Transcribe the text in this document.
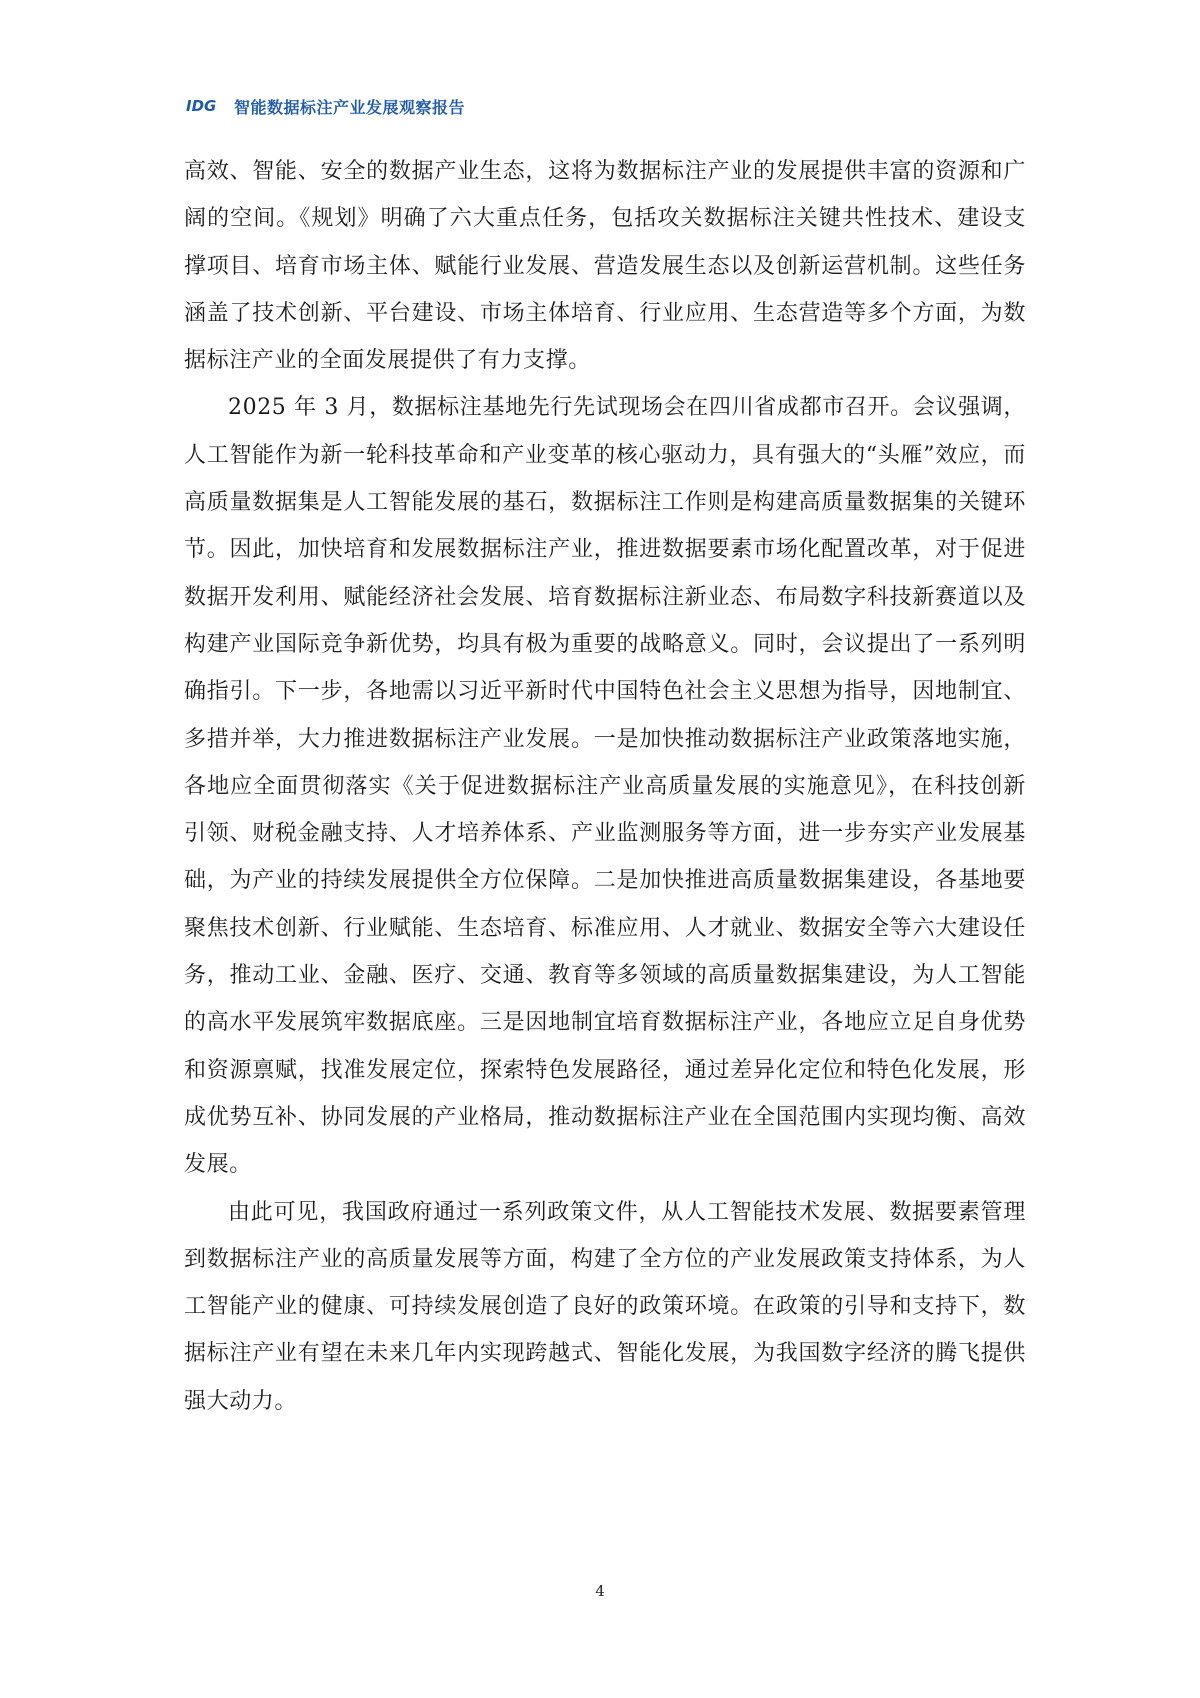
IDG 智能数据标注产业发展观察报告

高效、智能、安全的数据产业生态，这将为数据标注产业的发展提供丰富的资源和广阔的空间。《规划》明确了六大重点任务，包括攻关数据标注关键共性技术、建设支撑项目、培育市场主体、赋能行业发展、营造发展生态以及创新运营机制。这些任务涵盖了技术创新、平台建设、市场主体培育、行业应用、生态营造等多个方面，为数据标注产业的全面发展提供了有力支撑。

2025 年 3 月，数据标注基地先行先试现场会在四川省成都市召开。会议强调，人工智能作为新一轮科技革命和产业变革的核心驱动力，具有强大的“头雁”效应，而高质量数据集是人工智能发展的基石，数据标注工作则是构建高质量数据集的关键环节。因此，加快培育和发展数据标注产业，推进数据要素市场化配置改革，对于促进数据开发利用、赋能经济社会发展、培育数据标注新业态、布局数字科技新赛道以及构建产业国际竞争新优势，均具有极为重要的战略意义。同时，会议提出了一系列明确指引。下一步，各地需以习近平新时代中国特色社会主义思想为指导，因地制宜、多措并举，大力推进数据标注产业发展。一是加快推动数据标注产业政策落地实施，各地应全面贯彻落实《关于促进数据标注产业高质量发展的实施意见》，在科技创新引领、财税金融支持、人才培养体系、产业监测服务等方面，进一步夯实产业发展基础，为产业的持续发展提供全方位保障。二是加快推进高质量数据集建设，各基地要聚焦技术创新、行业赋能、生态培育、标准应用、人才就业、数据安全等六大建设任务，推动工业、金融、医疗、交通、教育等多领域的高质量数据集建设，为人工智能的高水平发展筑牢数据底座。三是因地制宜培育数据标注产业，各地应立足自身优势和资源禀赋，找准发展定位，探索特色发展路径，通过差异化定位和特色化发展，形成优势互补、协同发展的产业格局，推动数据标注产业在全国范围内实现均衡、高效发展。

由此可见，我国政府通过一系列政策文件，从人工智能技术发展、数据要素管理到数据标注产业的高质量发展等方面，构建了全方位的产业发展政策支持体系，为人工智能产业的健康、可持续发展创造了良好的政策环境。在政策的引导和支持下，数据标注产业有望在未来几年内实现跨越式、智能化发展，为我国数字经济的腾飞提供强大动力。

4
